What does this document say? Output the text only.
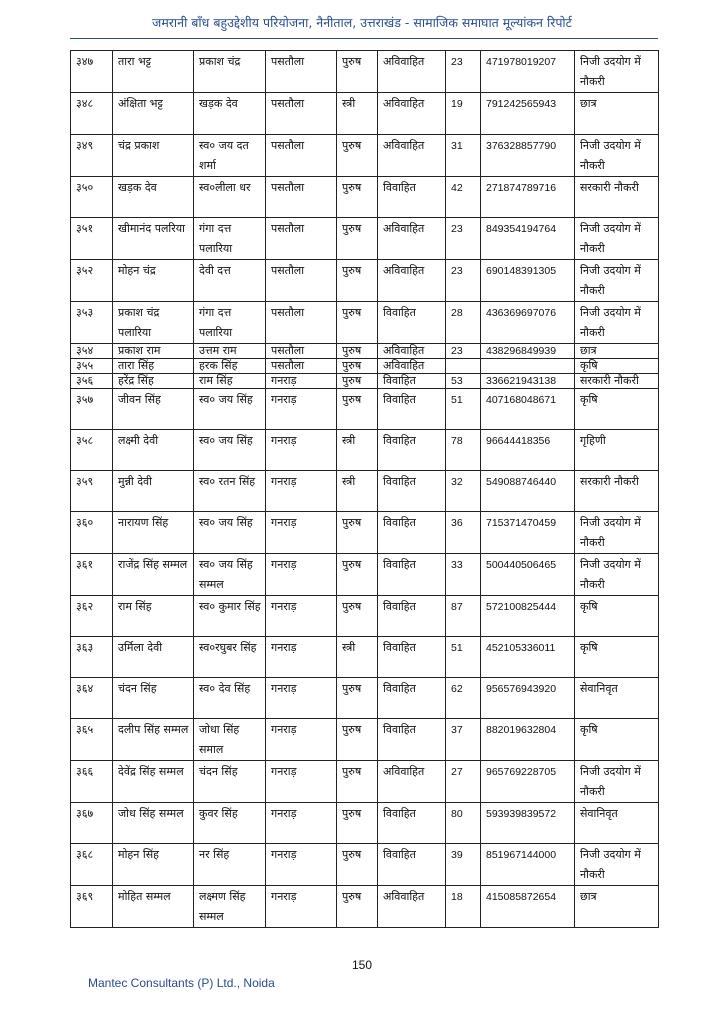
जमरानी बाँध बहुउद्देशीय परियोजना, नैनीताल, उत्तराखंड - सामाजिक समाघात मूल्यांकन रिपोर्ट
३४७	तारा भट्ट	प्रकाश चंद्र	पसतौला	पुरुष	अविवाहित	23	471978019207	निजी उदयोग में नौकरी
३४८	अंक्षिता भट्ट	खड़क देव	पसतौला	स्त्री	अविवाहित	19	791242565943	छात्र
३४९	चंद्र प्रकाश	स्व० जय दत शर्मा	पसतौला	पुरुष	अविवाहित	31	376328857790	निजी उदयोग में नौकरी
३५०	खड़क देव	स्व०लीला धर	पसतौला	पुरुष	विवाहित	42	271874789716	सरकारी नौकरी
३५१	खीमानंद पलरिया	गंगा दत्त पलारिया	पसतौला	पुरुष	अविवाहित	23	849354194764	निजी उदयोग में नौकरी
३५२	मोहन चंद्र	देवी दत्त	पसतौला	पुरुष	अविवाहित	23	690148391305	निजी उदयोग में नौकरी
३५३	प्रकाश चंद्र पलारिया	गंगा दत्त पलारिया	पसतौला	पुरुष	विवाहित	28	436369697076	निजी उदयोग में नौकरी
३५४	प्रकाश राम	उत्तम राम	पसतौला	पुरुष	अविवाहित	23	438296849939	छात्र
३५५	तारा सिंह	हरक सिंह	पसतौला	पुरुष	अविवाहित			कृषि
३५६	हरेंद्र सिंह	राम सिंह	गनराड़	पुरुष	विवाहित	53	336621943138	सरकारी नौकरी
३५७	जीवन सिंह	स्व० जय सिंह	गनराड़	पुरुष	विवाहित	51	407168048671	कृषि
३५८	लक्ष्मी देवी	स्व० जय सिंह	गनराड़	स्त्री	विवाहित	78	96644418356	गृहिणी
३५९	मुन्नी देवी	स्व० रतन सिंह	गनराड़	स्त्री	विवाहित	32	549088746440	सरकारी नौकरी
३६०	नारायण सिंह	स्व० जय सिंह	गनराड़	पुरुष	विवाहित	36	715371470459	निजी उदयोग में नौकरी
३६१	राजेंद्र सिंह सम्मल	स्व० जय सिंह सम्मल	गनराड़	पुरुष	विवाहित	33	500440506465	निजी उदयोग में नौकरी
३६२	राम सिंह	स्व० कुमार सिंह	गनराड़	पुरुष	विवाहित	87	572100825444	कृषि
३६३	उर्मिला देवी	स्व०रघुबर सिंह	गनराड़	स्त्री	विवाहित	51	452105336011	कृषि
३६४	चंदन सिंह	स्व० देव सिंह	गनराड़	पुरुष	विवाहित	62	956576943920	सेवानिवृत
३६५	दलीप सिंह सम्मल	जोधा सिंह समाल	गनराड़	पुरुष	विवाहित	37	882019632804	कृषि
३६६	देवेंद्र सिंह सम्मल	चंदन सिंह	गनराड़	पुरुष	अविवाहित	27	965769228705	निजी उदयोग में नौकरी
३६७	जोध सिंह सम्मल	कुवर सिंह	गनराड़	पुरुष	विवाहित	80	593939839572	सेवानिवृत
३६८	मोहन सिंह	नर सिंह	गनराड़	पुरुष	विवाहित	39	851967144000	निजी उदयोग में नौकरी
३६९	मोहित सम्मल	लक्ष्मण सिंह सम्मल	गनराड़	पुरुष	अविवाहित	18	415085872654	छात्र
150
Mantec Consultants (P) Ltd., Noida
